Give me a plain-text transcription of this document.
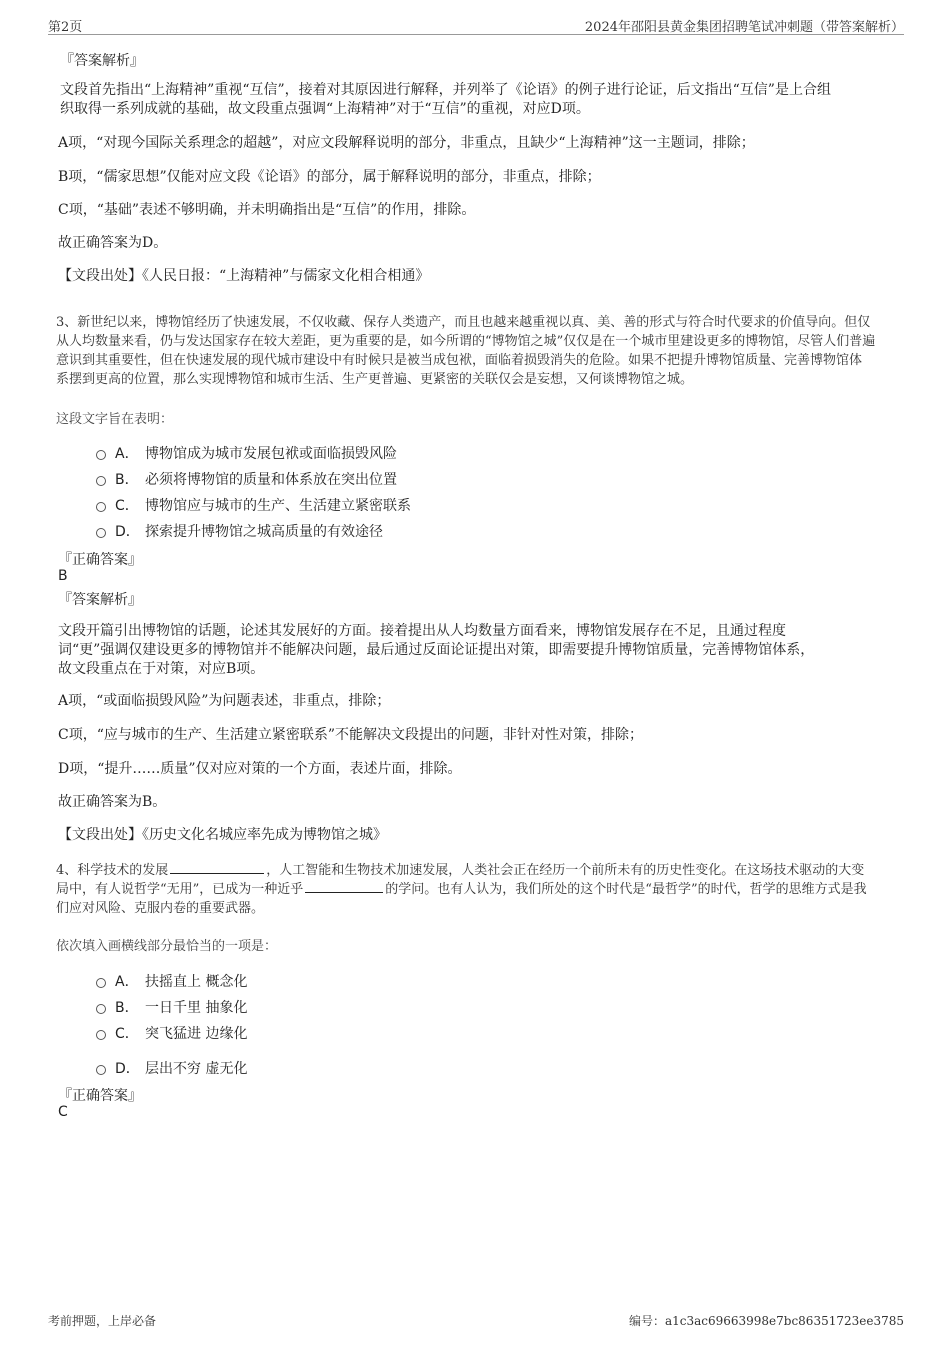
第2页	2024年邵阳县黄金集团招聘笔试冲刺题（带答案解析）
『答案解析』
文段首先指出“上海精神”重视“互信”，接着对其原因进行解释，并列举了《论语》的例子进行论证，后文指出“互信”是上合组
织取得一系列成就的基础，故文段重点强调“上海精神”对于“互信”的重视，对应D项。
A项，“对现今国际关系理念的超越”，对应文段解释说明的部分，非重点，且缺少“上海精神”这一主题词，排除；
B项，“儒家思想”仅能对应文段《论语》的部分，属于解释说明的部分，非重点，排除；
C项，“基础”表述不够明确，并未明确指出是“互信”的作用，排除。
故正确答案为D。
【文段出处】《人民日报：“上海精神”与儒家文化相合相通》
3、新世纪以来，博物馆经历了快速发展，不仅收藏、保存人类遗产，而且也越来越重视以真、美、善的形式与符合时代要求的价值导向。但仅
从人均数量来看，仍与发达国家存在较大差距，更为重要的是，如今所谓的“博物馆之城”仅仅是在一个城市里建设更多的博物馆，尽管人们普遍
意识到其重要性，但在快速发展的现代城市建设中有时候只是被当成包袱，面临着损毁消失的危险。如果不把提升博物馆质量、完善博物馆体
系摆到更高的位置，那么实现博物馆和城市生活、生产更普遍、更紧密的关联仅会是妄想，又何谈博物馆之城。
这段文字旨在表明：
A． 博物馆成为城市发展包袱或面临损毁风险
B． 必须将博物馆的质量和体系放在突出位置
C． 博物馆应与城市的生产、生活建立紧密联系
D． 探索提升博物馆之城高质量的有效途径
『正确答案』
B
『答案解析』
文段开篇引出博物馆的话题，论述其发展好的方面。接着提出从人均数量方面看来，博物馆发展存在不足，且通过程度
词“更”强调仅建设更多的博物馆并不能解决问题，最后通过反面论证提出对策，即需要提升博物馆质量，完善博物馆体系，
故文段重点在于对策，对应B项。
A项，“或面临损毁风险”为问题表述，非重点，排除；
C项，“应与城市的生产、生活建立紧密联系”不能解决文段提出的问题，非针对性对策，排除；
D项，“提升……质量”仅对应对策的一个方面，表述片面，排除。
故正确答案为B。
【文段出处】《历史文化名城应率先成为博物馆之城》
4、科学技术的发展	，人工智能和生物技术加速发展，人类社会正在经历一个前所未有的历史性变化。在这场技术驱动的大变
局中，有人说哲学“无用”，已成为一种近乎	的学问。也有人认为，我们所处的这个时代是“最哲学”的时代，哲学的思维方式是我
们应对风险、克服内卷的重要武器。
依次填入画横线部分最恰当的一项是：
A． 扶摇直上 概念化
B． 一日千里 抽象化
C． 突飞猛进 边缘化
D． 层出不穷 虚无化
『正确答案』
C
考前押题，上岸必备	编号：a1c3ac69663998e7bc86351723ee3785
